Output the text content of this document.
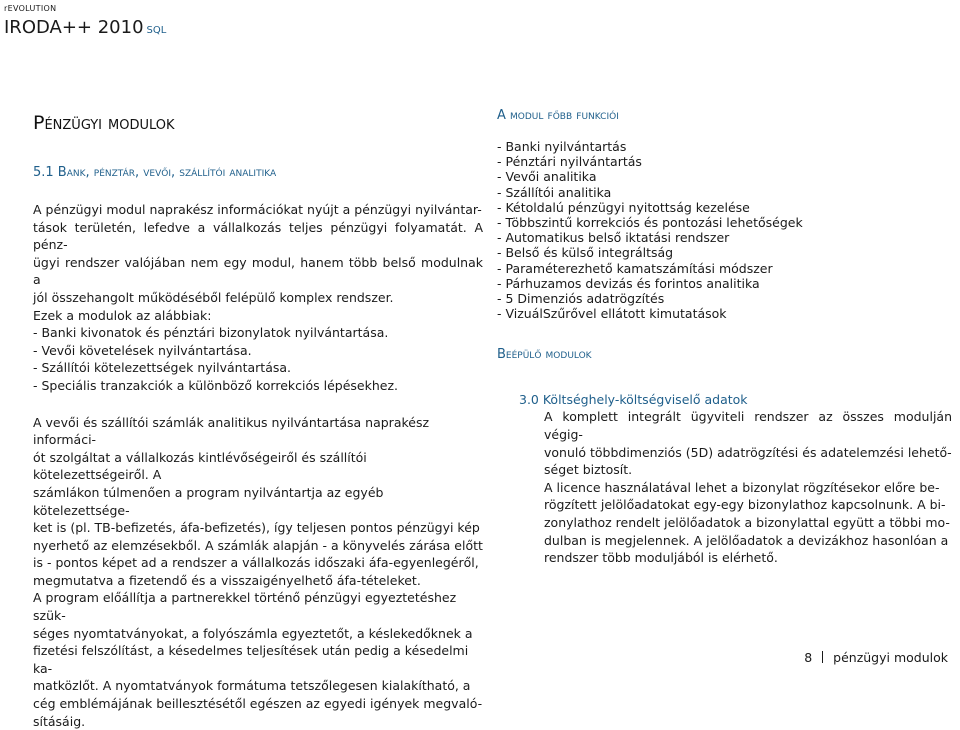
rEVOLUTION
IRODA++ 2010 SQL
Pénzügyi modulok
5.1 Bank, pénztár, vevői, szállítói analitika
A pénzügyi modul naprakész információkat nyújt a pénzügyi nyilvántar-
tások területén, lefedve a vállalkozás teljes pénzügyi folyamatát. A pénz-
ügyi rendszer valójában nem egy modul, hanem több belső modulnak a
jól összehangolt működéséből felépülő komplex rendszer.
Ezek a modulok az alábbiak:
- Banki kivonatok és pénztári bizonylatok nyilvántartása.
- Vevői követelések nyilvántartása.
- Szállítói kötelezettségek nyilvántartása.
- Speciális tranzakciók a különböző korrekciós lépésekhez.
A vevői és szállítói számlák analitikus nyilvántartása naprakész informáci-
ót szolgáltat a vállalkozás kintlévőségeiről és szállítói kötelezettségeiről. A
számlákon túlmenően a program nyilvántartja az egyéb kötelezettsége-
ket is (pl. TB-befizetés, áfa-befizetés), így teljesen pontos pénzügyi kép
nyerhető az elemzésekből. A számlák alapján - a könyvelés zárása előtt
is - pontos képet ad a rendszer a vállalkozás időszaki áfa-egyenlegéről,
megmutatva a fizetendő és a visszaigényelhető áfa-tételeket.
A program előállítja a partnerekkel történő pénzügyi egyeztetéshez szük-
séges nyomtatványokat, a folyószámla egyeztetőt, a késlekedőknek a
fizetési felszólítást, a késedelmes teljesítések után pedig a késedelmi ka-
matközlőt. A nyomtatványok formátuma tetszőlegesen kialakítható, a
cég emblémájának beillesztésétől egészen az egyedi igények megvaló-
sításáig.
A modul főbb funkciói
- Banki nyilvántartás
- Pénztári nyilvántartás
- Vevői analitika
- Szállítói analitika
- Kétoldalú pénzügyi nyitottság kezelése
- Többszintű korrekciós és pontozási lehetőségek
- Automatikus belső iktatási rendszer
- Belső és külső integráltság
- Paraméterezhető kamatszámítási módszer
- Párhuzamos devizás és forintos analitika
- 5 Dimenziós adatrögzítés
- VizuálSzűrővel ellátott kimutatások
Beépülő modulok
3.0 Költséghely-költségviselő adatok
A komplett integrált ügyviteli rendszer az összes modulján végig-
vonuló többdimenziós (5D) adatrögzítési és adatelemzési lehető-
séget biztosít.
A licence használatával lehet a bizonylat rögzítésekor előre be-
rögzített jelölőadatokat egy-egy bizonylathoz kapcsolnunk. A bi-
zonylathoz rendelt jelölőadatok a bizonylattal együtt a többi mo-
dulban is megjelennek. A jelölőadatok a devizákhoz hasonlóan a
rendszer több moduljából is elérhető.
8 pénzügyi modulok
